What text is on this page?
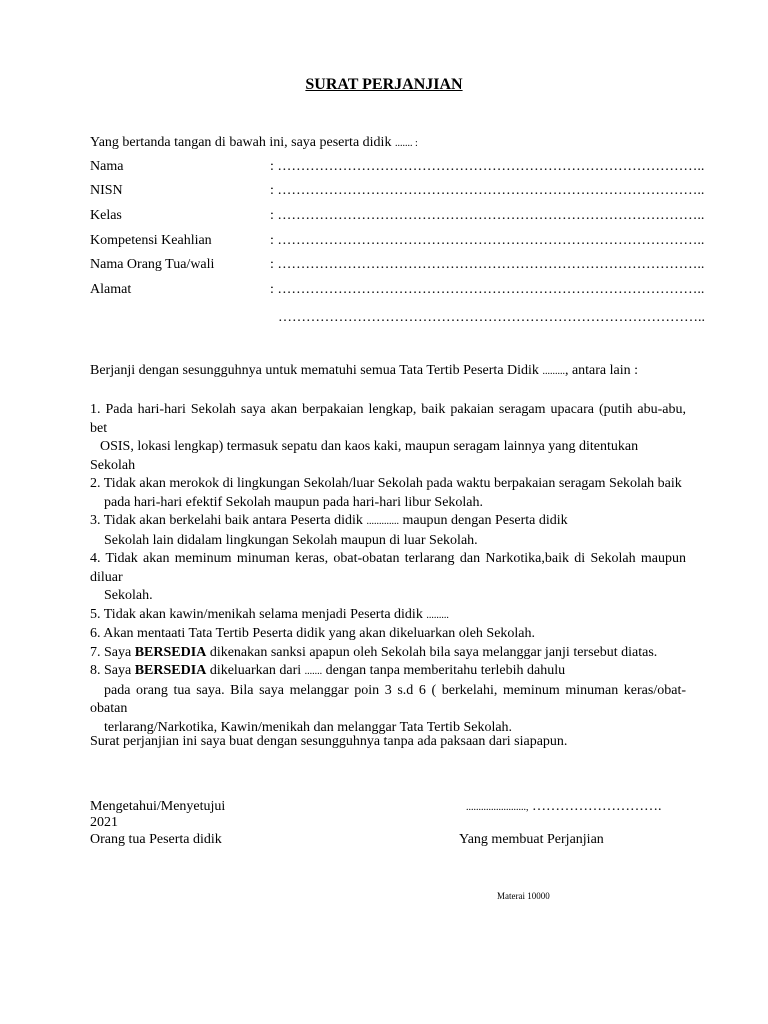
SURAT PERJANJIAN
Yang bertanda tangan di bawah ini, saya peserta didik ....... :
Nama	: ………………………………………………………………………………..
NISN	: ………………………………………………………………………………..
Kelas	: ………………………………………………………………………………..
Kompetensi Keahlian	: ………………………………………………………………………………..
Nama Orang Tua/wali	: ………………………………………………………………………………..
Alamat	: ………………………………………………………………………………..
………………………………………………………………………………..
Berjanji dengan sesungguhnya untuk mematuhi semua Tata Tertib Peserta Didik ........., antara lain :

1. Pada hari-hari Sekolah saya akan berpakaian lengkap, baik pakaian seragam upacara (putih abu-abu, bet
OSIS, lokasi lengkap) termasuk sepatu dan kaos kaki, maupun seragam lainnya yang ditentukan
Sekolah

2. Tidak akan merokok di lingkungan Sekolah/luar Sekolah pada waktu berpakaian seragam Sekolah baik
pada hari-hari efektif Sekolah maupun pada hari-hari libur Sekolah.

3. Tidak akan berkelahi baik antara Peserta didik ............. maupun dengan Peserta didik
Sekolah lain didalam lingkungan Sekolah maupun di luar Sekolah.

4. Tidak akan meminum minuman keras, obat-obatan terlarang dan Narkotika,baik di Sekolah maupun diluar
Sekolah.

5. Tidak akan kawin/menikah selama menjadi Peserta didik .........

6. Akan mentaati Tata Tertib Peserta didik yang akan dikeluarkan oleh Sekolah.

7. Saya BERSEDIA dikenakan sanksi apapun oleh Sekolah bila saya melanggar janji tersebut diatas.

8. Saya BERSEDIA dikeluarkan dari ....... dengan tanpa memberitahu terlebih dahulu
pada orang tua saya. Bila saya melanggar poin 3 s.d 6 ( berkelahi, meminum minuman keras/obat-obatan
terlarang/Narkotika, Kawin/menikah dan melanggar Tata Tertib Sekolah.

Surat perjanjian ini saya buat dengan sesungguhnya tanpa ada paksaan dari siapapun.
Mengetahui/Menyetujui
2021
Orang tua Peserta didik
........................, ……………………….
Yang membuat Perjanjian
Materai 10000
